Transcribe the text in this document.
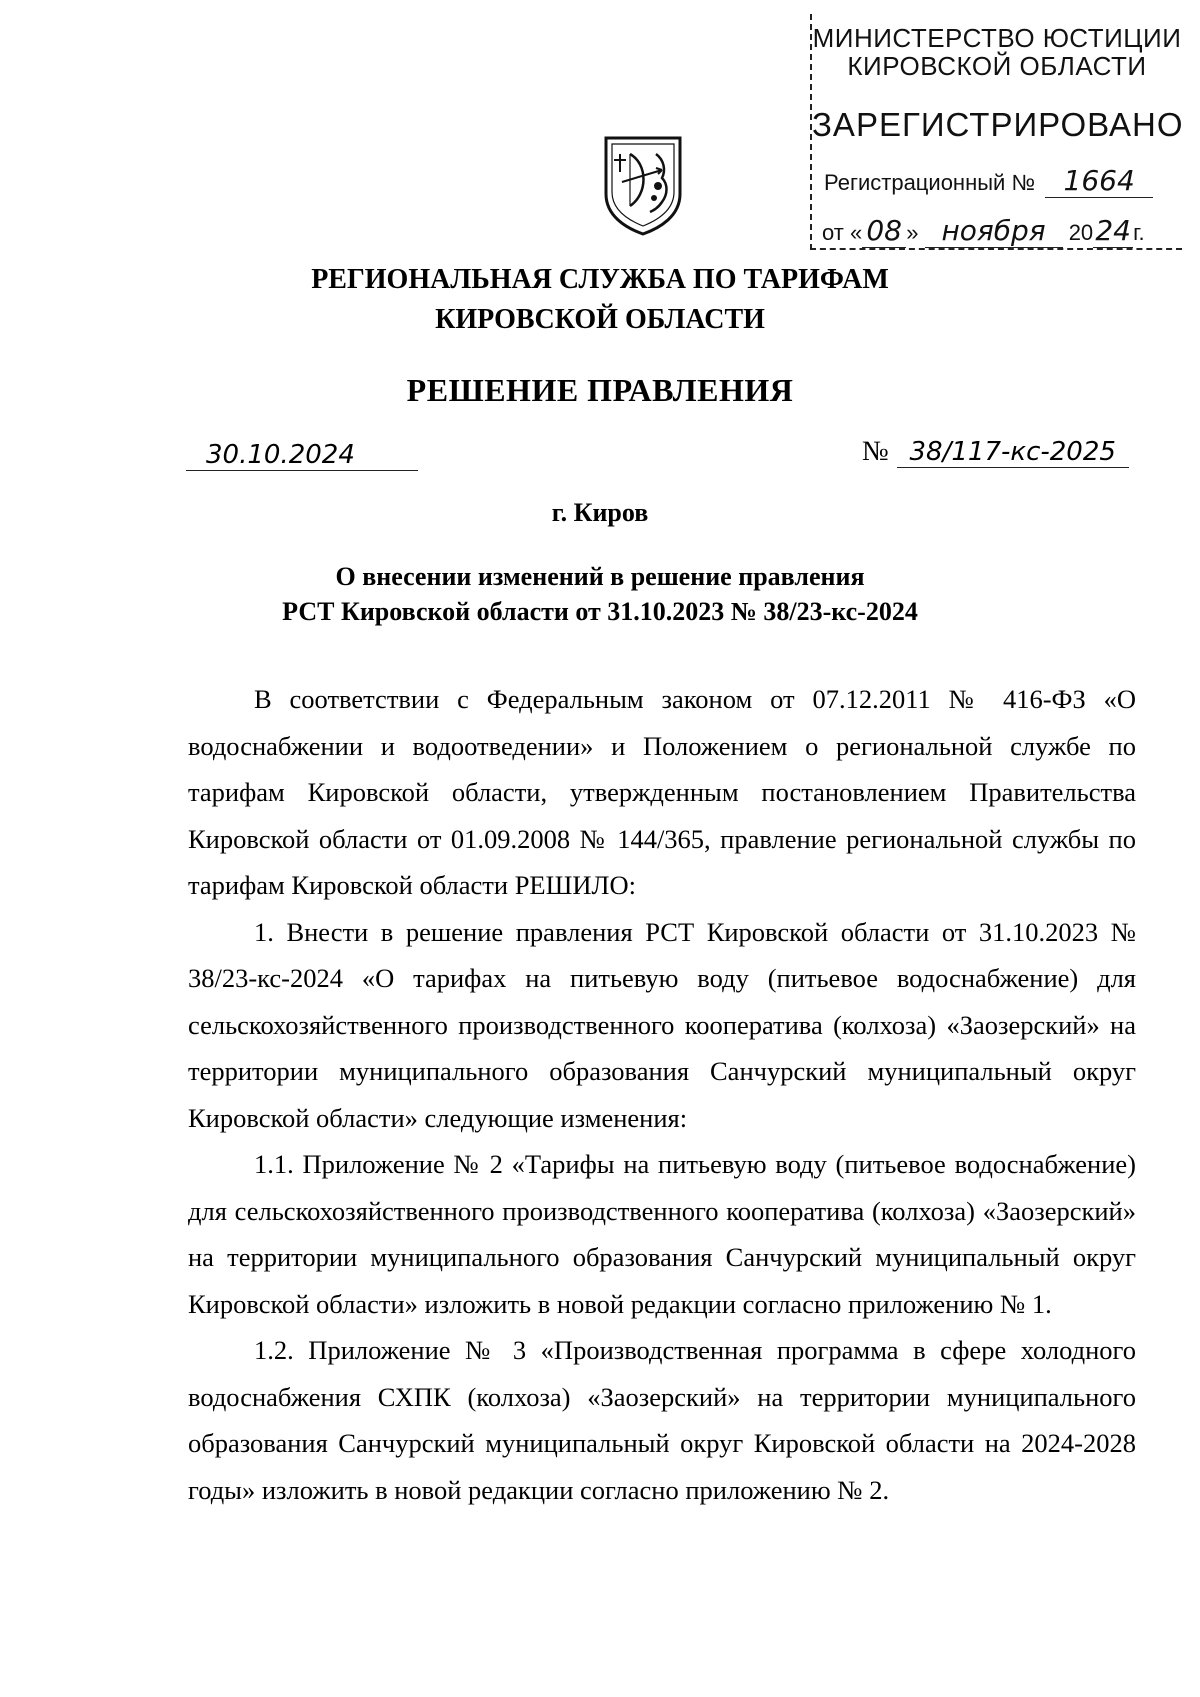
МИНИСТЕРСТВО ЮСТИЦИИ
КИРОВСКОЙ ОБЛАСТИ
ЗАРЕГИСТРИРОВАНО
Регистрационный № 1664
от « 08 » ноября 2024г.
РЕГИОНАЛЬНАЯ СЛУЖБА ПО ТАРИФАМ
КИРОВСКОЙ ОБЛАСТИ
РЕШЕНИЕ ПРАВЛЕНИЯ
30.10.2024	№ 38/117-кс-2025
г. Киров
О внесении изменений в решение правления
РСТ Кировской области от 31.10.2023 № 38/23-кс-2024

В соответствии с Федеральным законом от 07.12.2011 № 416-ФЗ «О водоснабжении и водоотведении» и Положением о региональной службе по тарифам Кировской области, утвержденным постановлением Правительства Кировской области от 01.09.2008 № 144/365, правление региональной службы по тарифам Кировской области РЕШИЛО:

1. Внести в решение правления РСТ Кировской области от 31.10.2023 № 38/23-кс-2024 «О тарифах на питьевую воду (питьевое водоснабжение) для сельскохозяйственного производственного кооператива (колхоза) «Заозерский» на территории муниципального образования Санчурский муниципальный округ Кировской области» следующие изменения:

1.1. Приложение № 2 «Тарифы на питьевую воду (питьевое водоснабжение) для сельскохозяйственного производственного кооператива (колхоза) «Заозерский» на территории муниципального образования Санчурский муниципальный округ Кировской области» изложить в новой редакции согласно приложению № 1.

1.2. Приложение № 3 «Производственная программа в сфере холодного водоснабжения СХПК (колхоза) «Заозерский» на территории муниципального образования Санчурский муниципальный округ Кировской области на 2024-2028 годы» изложить в новой редакции согласно приложению № 2.
